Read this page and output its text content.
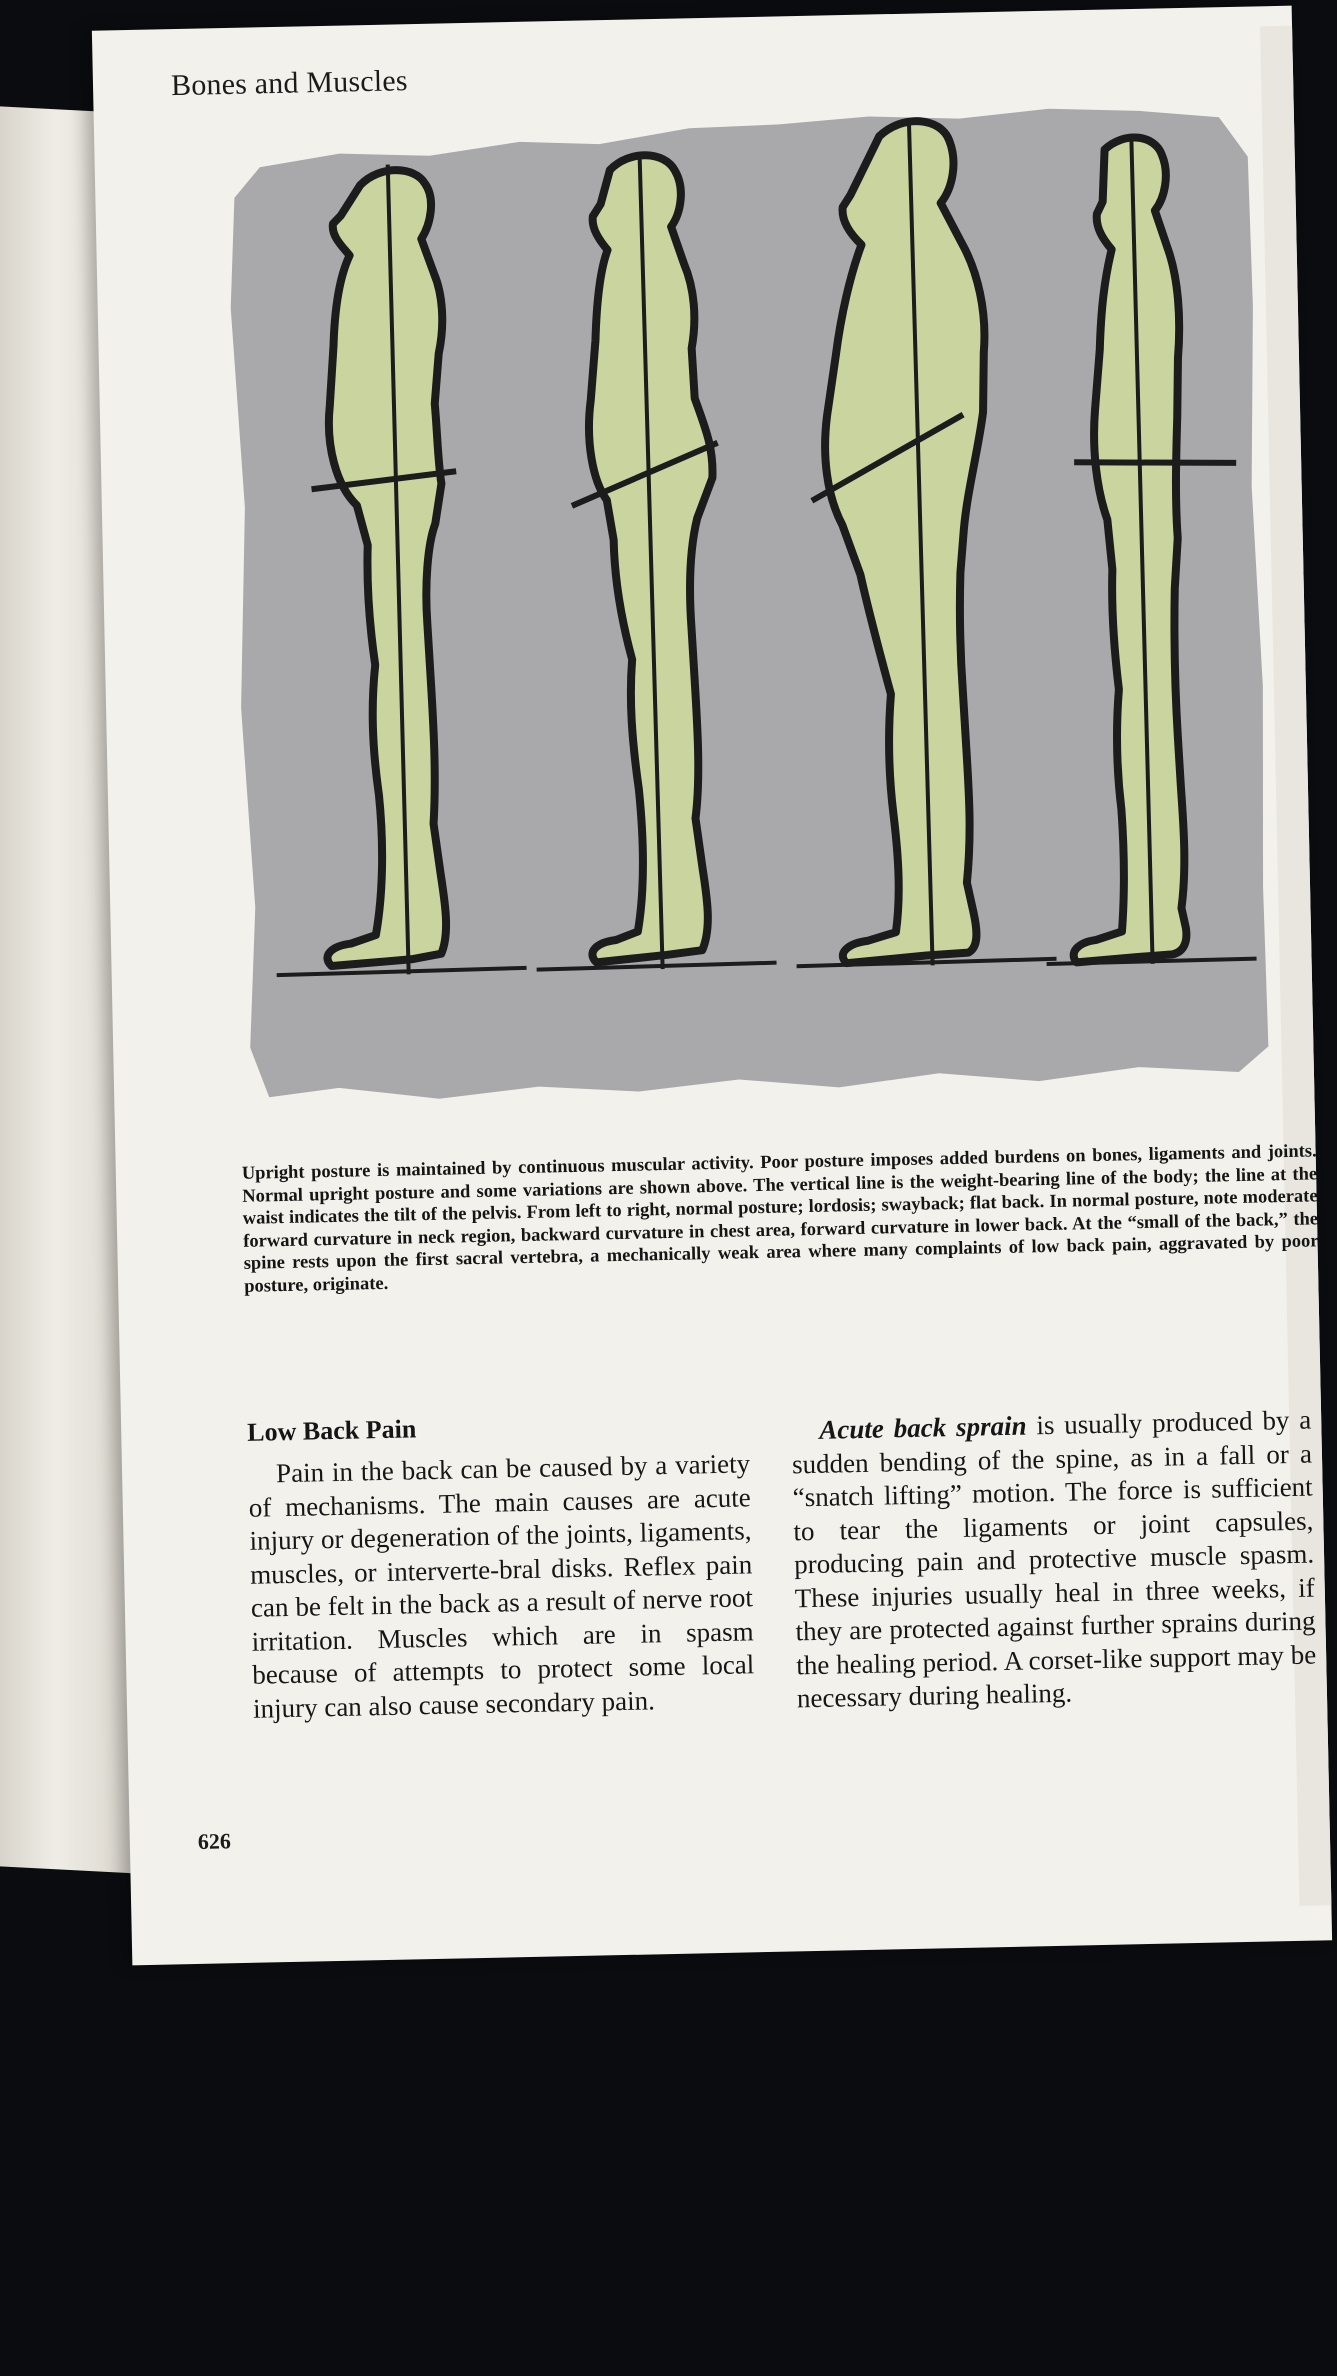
Bones and Muscles
Upright posture is maintained by continuous muscular activity. Poor posture imposes added burdens on bones, ligaments and joints. Normal upright posture and some variations are shown above. The vertical line is the weight-bearing line of the body; the line at the waist indicates the tilt of the pelvis. From left to right, normal posture; lordosis; swayback; flat back. In normal posture, note moderate forward curvature in neck region, backward curvature in chest area, forward curvature in lower back. At the “small of the back,” the spine rests upon the first sacral vertebra, a mechanically weak area where many complaints of low back pain, aggravated by poor posture, originate.
Low Back Pain

Pain in the back can be caused by a variety of mechanisms. The main causes are acute injury or degeneration of the joints, ligaments, muscles, or interverte-bral disks. Reflex pain can be felt in the back as a result of nerve root irritation. Muscles which are in spasm because of attempts to protect some local injury can also cause secondary pain.

Acute back sprain is usually produced by a sudden bending of the spine, as in a fall or a “snatch lifting” motion. The force is sufficient to tear the ligaments or joint capsules, producing pain and protective muscle spasm. These injuries usually heal in three weeks, if they are protected against further sprains during the healing period. A corset-like support may be necessary during healing.

626
